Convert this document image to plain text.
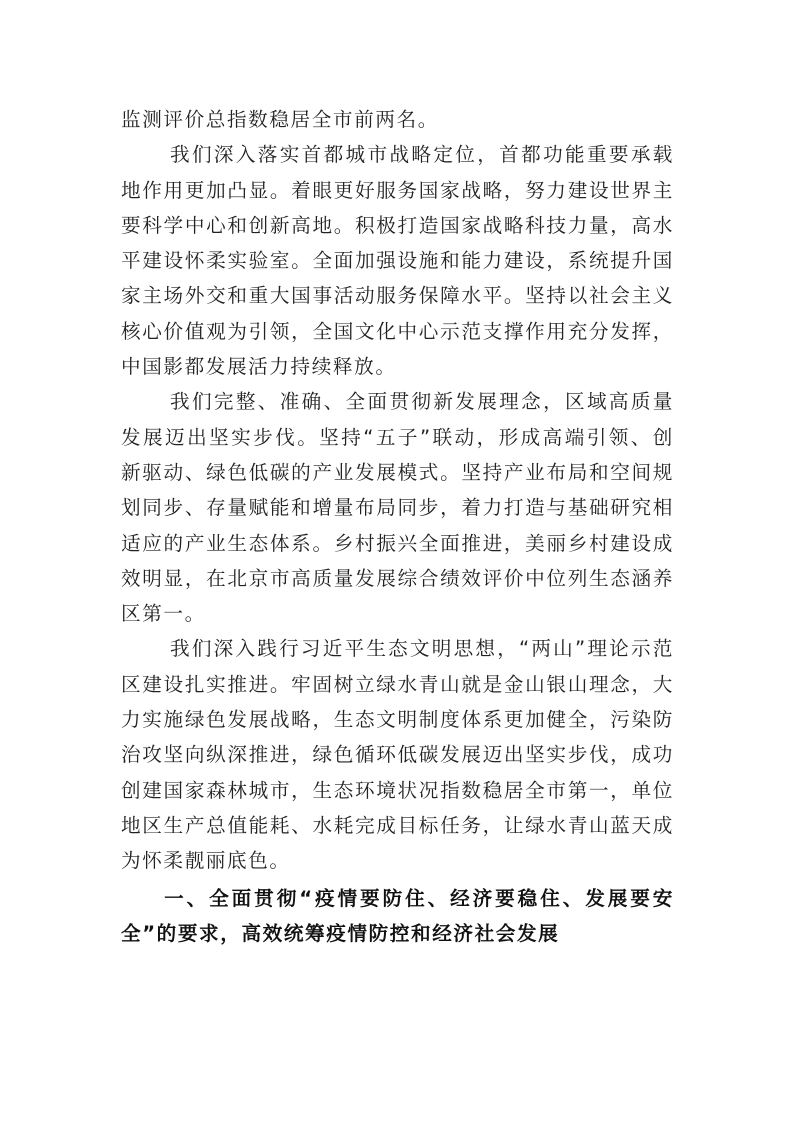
监测评价总指数稳居全市前两名。

我们深入落实首都城市战略定位，首都功能重要承载地作用更加凸显。着眼更好服务国家战略，努力建设世界主要科学中心和创新高地。积极打造国家战略科技力量，高水平建设怀柔实验室。全面加强设施和能力建设，系统提升国家主场外交和重大国事活动服务保障水平。坚持以社会主义核心价值观为引领，全国文化中心示范支撑作用充分发挥，中国影都发展活力持续释放。

我们完整、准确、全面贯彻新发展理念，区域高质量发展迈出坚实步伐。坚持“五子”联动，形成高端引领、创新驱动、绿色低碳的产业发展模式。坚持产业布局和空间规划同步、存量赋能和增量布局同步，着力打造与基础研究相适应的产业生态体系。乡村振兴全面推进，美丽乡村建设成效明显，在北京市高质量发展综合绩效评价中位列生态涵养区第一。

我们深入践行习近平生态文明思想，“两山”理论示范区建设扎实推进。牢固树立绿水青山就是金山银山理念，大力实施绿色发展战略，生态文明制度体系更加健全，污染防治攻坚向纵深推进，绿色循环低碳发展迈出坚实步伐，成功创建国家森林城市，生态环境状况指数稳居全市第一，单位地区生产总值能耗、水耗完成目标任务，让绿水青山蓝天成为怀柔靓丽底色。

一、全面贯彻“疫情要防住、经济要稳住、发展要安全”的要求，高效统筹疫情防控和经济社会发展
